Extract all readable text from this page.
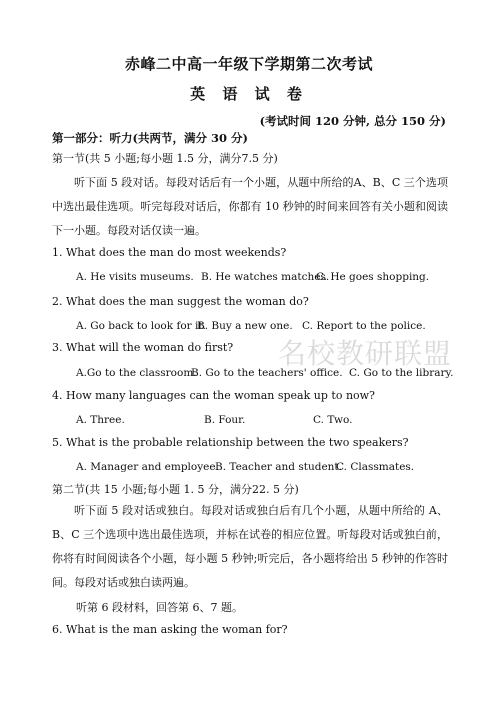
赤峰二中高一年级下学期第二次考试
英 语 试 卷
(考试时间 120 分钟, 总分 150 分)
第一部分：听力(共两节，满分 30 分)
第一节(共 5 小题;每小题 1.5 分，满分7.5 分)
听下面 5 段对话。每段对话后有一个小题，从题中所给的A、B、C 三个选项中选出最佳选项。听完每段对话后，你都有 10 秒钟的时间来回答有关小题和阅读下一小题。每段对话仅读一遍。
1. What does the man do most weekends?
A. He visits museums. B. He watches matches.
C. He goes shopping.
2. What does the man suggest the woman do?
A. Go back to look for it.
B. Buy a new one. C. Report to the police.
3. What will the woman do first?
A.Go to the classroom.
B. Go to the teachers' office. C. Go to the library.
4. How many languages can the woman speak up to now?
A. Three.	B. Four.	C. Two.
5. What is the probable relationship between the two speakers?
A. Manager and employee.
B. Teacher and student.
C. Classmates.
第二节(共 15 小题;每小题 1. 5 分，满分22. 5 分)
听下面 5 段对话或独白。每段对话或独白后有几个小题，从题中所给的 A、B、C 三个选项中选出最佳选项，并标在试卷的相应位置。听每段对话或独白前，你将有时间阅读各个小题，每小题 5 秒钟;听完后，各小题将给出 5 秒钟的作答时间。每段对话或独白读两遍。
听第 6 段材料，回答第 6、7 题。
6. What is the man asking the woman for?
名校教研联盟
